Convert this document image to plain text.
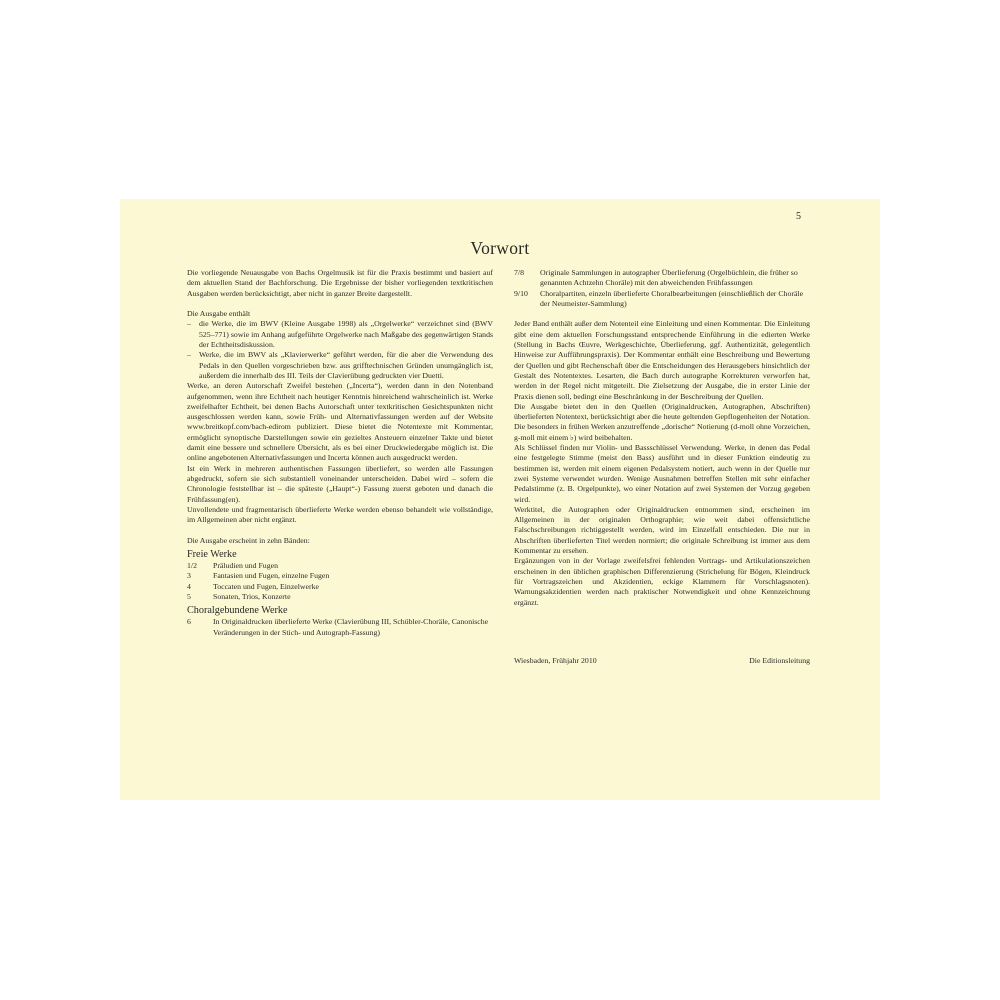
5
Vorwort

Die vorliegende Neuausgabe von Bachs Orgelmusik ist für die Praxis bestimmt und basiert auf dem aktuellen Stand der Bachforschung. Die Ergebnisse der bisher vorliegenden textkritischen Ausgaben werden berücksichtigt, aber nicht in ganzer Breite dargestellt.

Die Ausgabe enthält

–	die Werke, die im BWV (Kleine Ausgabe 1998) als „Orgelwerke“ verzeichnet sind (BWV 525–771) sowie im Anhang aufgeführte Orgelwerke nach Maßgabe des gegenwärtigen Stands der Echtheitsdiskussion.
–	Werke, die im BWV als „Klavierwerke“ geführt werden, für die aber die Verwendung des Pedals in den Quellen vorgeschrieben bzw. aus grifftechnischen Gründen unumgänglich ist, außerdem die innerhalb des III. Teils der Clavierübung gedruckten vier Duetti.

Werke, an deren Autorschaft Zweifel bestehen („Incerta“), werden dann in den Notenband aufgenommen, wenn ihre Echtheit nach heutiger Kenntnis hinreichend wahrscheinlich ist. Werke zweifelhafter Echtheit, bei denen Bachs Autorschaft unter textkritischen Gesichtspunkten nicht ausgeschlossen werden kann, sowie Früh- und Alternativfassungen werden auf der Website www.breitkopf.com/bach-edirom publiziert. Diese bietet die Notentexte mit Kommentar, ermöglicht synoptische Darstellungen sowie ein gezieltes Ansteuern einzelner Takte und bietet damit eine bessere und schnellere Übersicht, als es bei einer Druckwiedergabe möglich ist. Die online angebotenen Alternativfassungen und Incerta können auch ausgedruckt werden.

Ist ein Werk in mehreren authentischen Fassungen überliefert, so werden alle Fassungen abgedruckt, sofern sie sich substantiell voneinander unterscheiden. Dabei wird – sofern die Chronologie feststellbar ist – die späteste („Haupt“-) Fassung zuerst geboten und danach die Frühfassung(en).

Unvollendete und fragmentarisch überlieferte Werke werden ebenso behandelt wie vollständige, im Allgemeinen aber nicht ergänzt.

Die Ausgabe erscheint in zehn Bänden:

Freie Werke
1/2	Präludien und Fugen
3	Fantasien und Fugen, einzelne Fugen
4	Toccaten und Fugen, Einzelwerke
5	Sonaten, Trios, Konzerte
Choralgebundene Werke
6	In Originaldrucken überlieferte Werke (Clavierübung III, Schübler-Choräle, Canonische Veränderungen in der Stich- und Autograph-Fassung)
7/8	Originale Sammlungen in autographer Überlieferung (Orgelbüchlein, die früher so genannten Achtzehn Choräle) mit den abweichenden Frühfassungen
9/10	Choralpartiten, einzeln überlieferte Choralbearbeitungen (einschließlich der Choräle der Neumeister-Sammlung)

Jeder Band enthält außer dem Notenteil eine Einleitung und einen Kommentar. Die Einleitung gibt eine dem aktuellen Forschungsstand entsprechende Einführung in die edierten Werke (Stellung in Bachs Œuvre, Werkgeschichte, Überlieferung, ggf. Authentizität, gelegentlich Hinweise zur Aufführungspraxis). Der Kommentar enthält eine Beschreibung und Bewertung der Quellen und gibt Rechenschaft über die Entscheidungen des Herausgebers hinsichtlich der Gestalt des Notentextes. Lesarten, die Bach durch autographe Korrekturen verworfen hat, werden in der Regel nicht mitgeteilt. Die Zielsetzung der Ausgabe, die in erster Linie der Praxis dienen soll, bedingt eine Beschränkung in der Beschreibung der Quellen.

Die Ausgabe bietet den in den Quellen (Originaldrucken, Autographen, Abschriften) überlieferten Notentext, berücksichtigt aber die heute geltenden Gepflogenheiten der Notation. Die besonders in frühen Werken anzutreffende „dorische“ Notierung (d-moll ohne Vorzeichen, g-moll mit einem ♭) wird beibehalten.

Als Schlüssel finden nur Violin- und Bassschlüssel Verwendung. Werke, in denen das Pedal eine festgelegte Stimme (meist den Bass) ausführt und in dieser Funktion eindeutig zu bestimmen ist, werden mit einem eigenen Pedalsystem notiert, auch wenn in der Quelle nur zwei Systeme verwendet wurden. Wenige Ausnahmen betreffen Stellen mit sehr einfacher Pedalstimme (z. B. Orgelpunkte), wo einer Notation auf zwei Systemen der Vorzug gegeben wird.

Werktitel, die Autographen oder Originaldrucken entnommen sind, erscheinen im Allgemeinen in der originalen Orthographie; wie weit dabei offensichtliche Falschschreibungen richtiggestellt werden, wird im Einzelfall entschieden. Die nur in Abschriften überlieferten Titel werden normiert; die originale Schreibung ist immer aus dem Kommentar zu ersehen.

Ergänzungen von in der Vorlage zweifelsfrei fehlenden Vortrags- und Artikulationszeichen erscheinen in den üblichen graphischen Differenzierung (Strichelung für Bögen, Kleindruck für Vortragszeichen und Akzidentien, eckige Klammern für Vorschlagsnoten). Warnungsakzidentien werden nach praktischer Notwendigkeit und ohne Kennzeichnung ergänzt.

Wiesbaden, Frühjahr 2010	Die Editionsleitung
